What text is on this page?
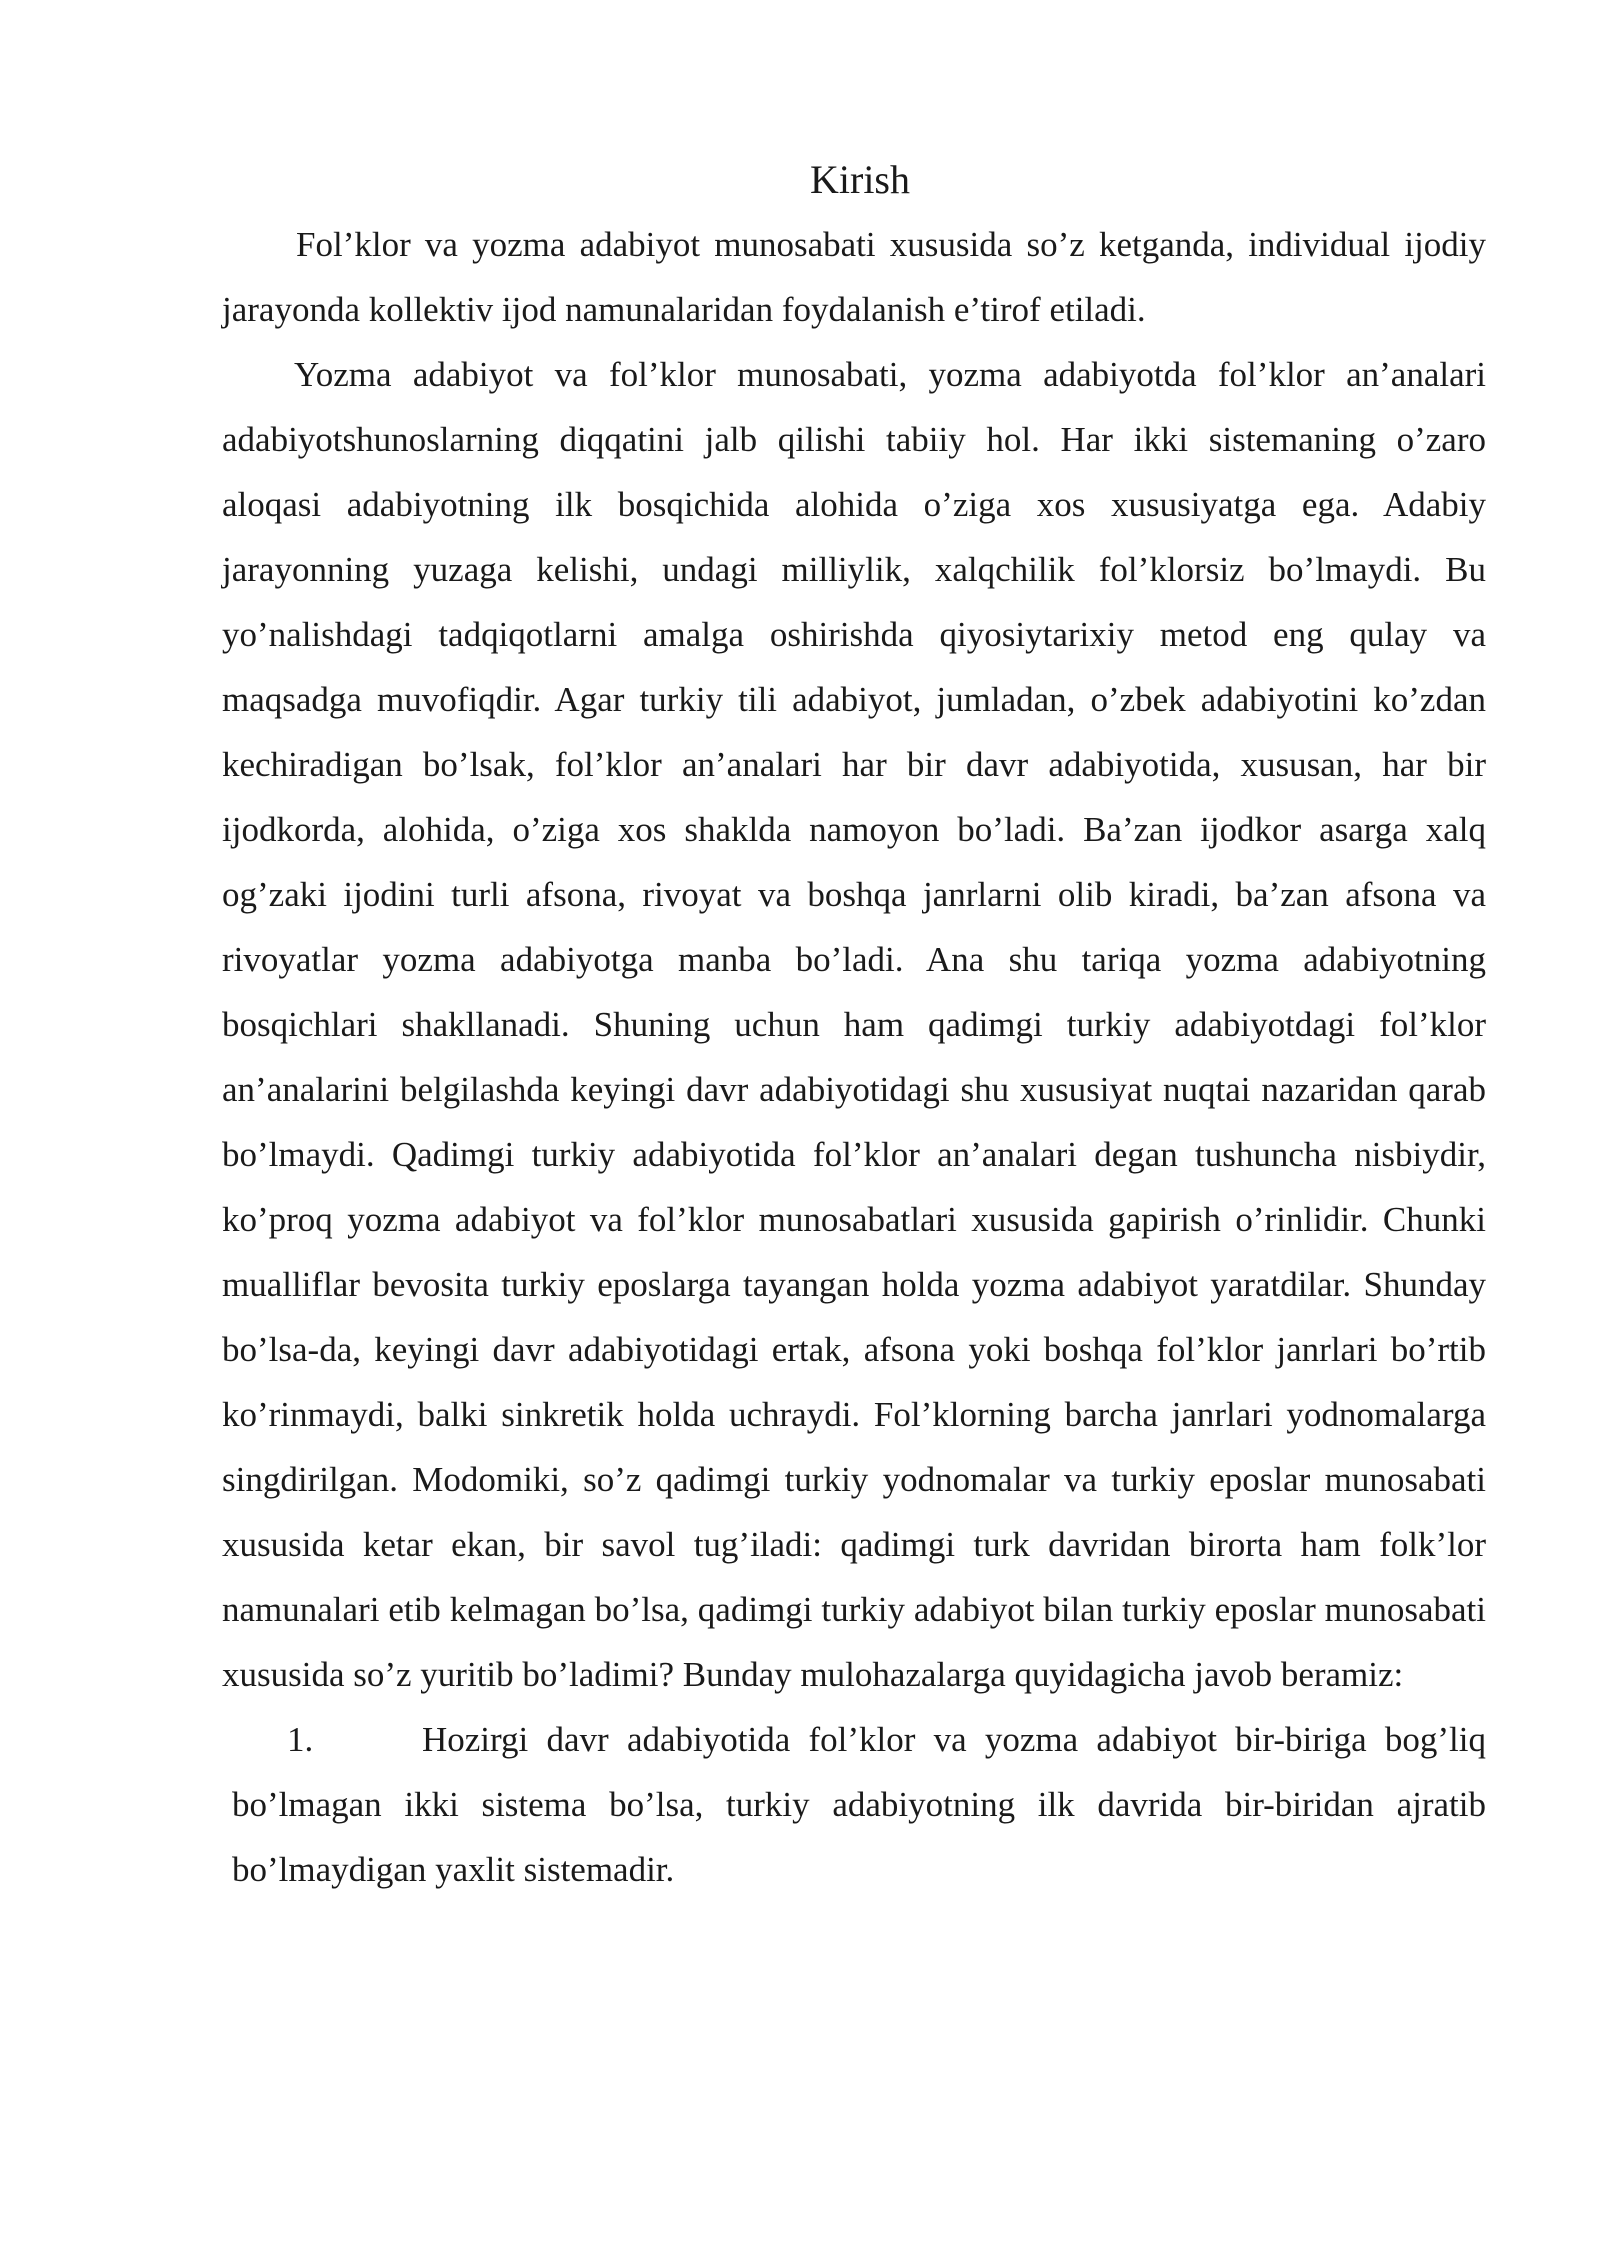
Kirish

Fol’klor va yozma adabiyot munosabati xususida so’z ketganda, individual ijodiy jarayonda kollektiv ijod namunalaridan foydalanish e’tirof etiladi.

Yozma adabiyot va fol’klor munosabati, yozma adabiyotda fol’klor an’analari adabiyotshunoslarning diqqatini jalb qilishi tabiiy hol. Har ikki sistemaning o’zaro aloqasi adabiyotning ilk bosqichida alohida o’ziga xos xususiyatga ega. Adabiy jarayonning yuzaga kelishi, undagi milliylik, xalqchilik fol’klorsiz bo’lmaydi. Bu yo’nalishdagi tadqiqotlarni amalga oshirishda qiyosiytarixiy metod eng qulay va maqsadga muvofiqdir. Agar turkiy tili adabiyot, jumladan, o’zbek adabiyotini ko’zdan kechiradigan bo’lsak, fol’klor an’analari har bir davr adabiyotida, xususan, har bir ijodkorda, alohida, o’ziga xos shaklda namoyon bo’ladi. Ba’zan ijodkor asarga xalq og’zaki ijodini turli afsona, rivoyat va boshqa janrlarni olib kiradi, ba’zan afsona va rivoyatlar yozma adabiyotga manba bo’ladi. Ana shu tariqa yozma adabiyotning bosqichlari shakllanadi. Shuning uchun ham qadimgi turkiy adabiyotdagi fol’klor an’analarini belgilashda keyingi davr adabiyotidagi shu xususiyat nuqtai nazaridan qarab bo’lmaydi. Qadimgi turkiy adabiyotida fol’klor an’analari degan tushuncha nisbiydir, ko’proq yozma adabiyot va fol’klor munosabatlari xususida gapirish o’rinlidir. Chunki mualliflar bevosita turkiy eposlarga tayangan holda yozma adabiyot yaratdilar. Shunday bo’lsa-da, keyingi davr adabiyotidagi ertak, afsona yoki boshqa fol’klor janrlari bo’rtib ko’rinmaydi, balki sinkretik holda uchraydi. Fol’klorning barcha janrlari yodnomalarga singdirilgan. Modomiki, so’z qadimgi turkiy yodnomalar va turkiy eposlar munosabati xususida ketar ekan, bir savol tug’iladi: qadimgi turk davridan birorta ham folk’lor namunalari etib kelmagan bo’lsa, qadimgi turkiy adabiyot bilan turkiy eposlar munosabati xususida so’z yuritib bo’ladimi? Bunday mulohazalarga quyidagicha javob beramiz:

1.	Hozirgi davr adabiyotida fol’klor va yozma adabiyot bir-biriga bog’liq bo’lmagan ikki sistema bo’lsa, turkiy adabiyotning ilk davrida bir-biridan ajratib bo’lmaydigan yaxlit sistemadir.
